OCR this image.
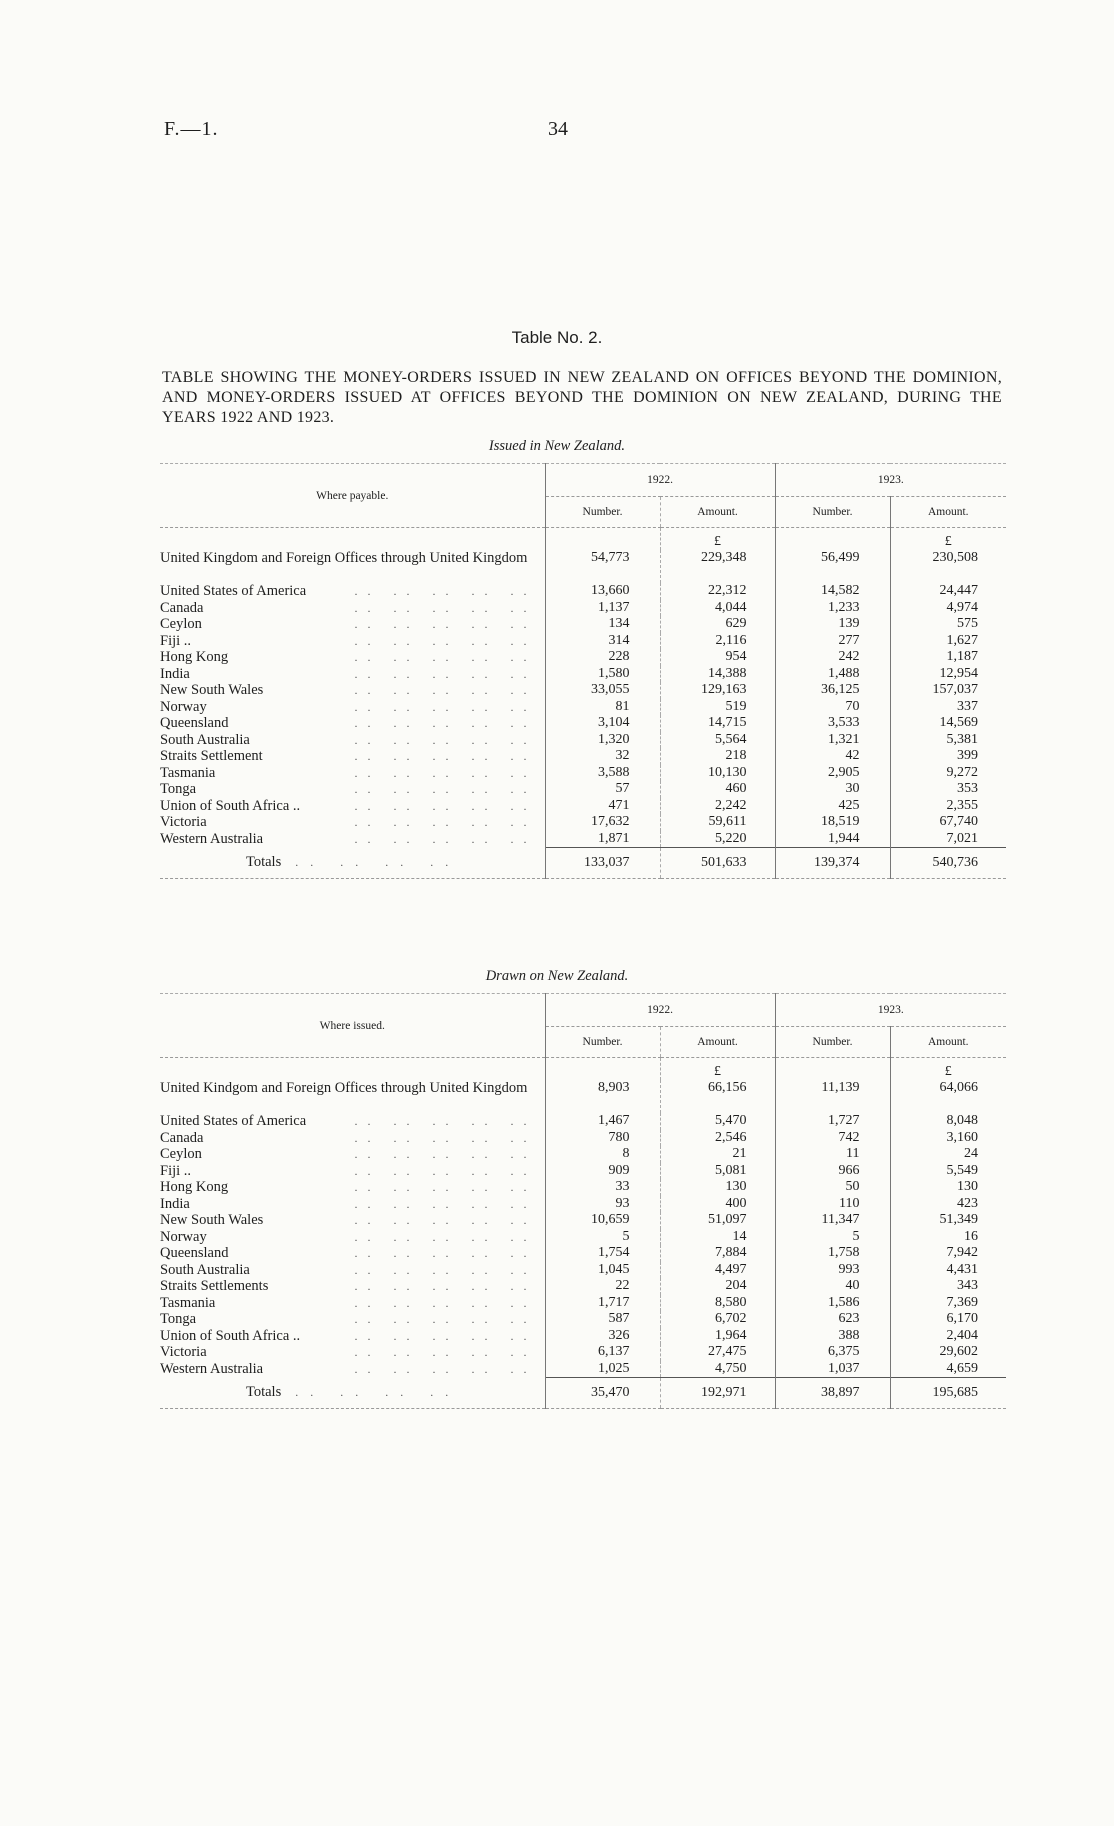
F.—1.	34
Table No. 2.
TABLE SHOWING THE MONEY-ORDERS ISSUED IN NEW ZEALAND ON OFFICES BEYOND THE DOMINION, AND MONEY-ORDERS ISSUED AT OFFICES BEYOND THE DOMINION ON NEW ZEALAND, DURING THE YEARS 1922 AND 1923.
Issued in New Zealand.
Where payable.	1922.		1923.	
	Number.	Amount.	Number.	Amount.
		£		£
United Kingdom and Foreign Offices through United Kingdom	54,773	229,348	56,499	230,508
United States of America .. .. .. .. ..	13,660	22,312	14,582	24,447
Canada .. .. .. .. ..	1,137	4,044	1,233	4,974
Ceylon .. .. .. .. ..	134	629	139	575
Fiji .. .. .. .. .. ..	314	2,116	277	1,627
Hong Kong .. .. .. .. ..	228	954	242	1,187
India .. .. .. .. ..	1,580	14,388	1,488	12,954
New South Wales .. .. .. .. ..	33,055	129,163	36,125	157,037
Norway .. .. .. .. ..	81	519	70	337
Queensland .. .. .. .. ..	3,104	14,715	3,533	14,569
South Australia .. .. .. .. ..	1,320	5,564	1,321	5,381
Straits Settlement .. .. .. .. ..	32	218	42	399
Tasmania .. .. .. .. ..	3,588	10,130	2,905	9,272
Tonga .. .. .. .. ..	57	460	30	353
Union of South Africa .. .. .. .. .. ..	471	2,242	425	2,355
Victoria .. .. .. .. ..	17,632	59,611	18,519	67,740
Western Australia .. .. .. .. ..	1,871	5,220	1,944	7,021
Totals .. .. .. ..	133,037	501,633	139,374	540,736
Drawn on New Zealand.
Where issued.	1922.		1923.	
	Number.	Amount.	Number.	Amount.
		£		£
United Kindgom and Foreign Offices through United Kingdom	8,903	66,156	11,139	64,066
United States of America .. .. .. .. ..	1,467	5,470	1,727	8,048
Canada .. .. .. .. ..	780	2,546	742	3,160
Ceylon .. .. .. .. ..	8	21	11	24
Fiji .. .. .. .. .. ..	909	5,081	966	5,549
Hong Kong .. .. .. .. ..	33	130	50	130
India .. .. .. .. ..	93	400	110	423
New South Wales .. .. .. .. ..	10,659	51,097	11,347	51,349
Norway .. .. .. .. ..	5	14	5	16
Queensland .. .. .. .. ..	1,754	7,884	1,758	7,942
South Australia .. .. .. .. ..	1,045	4,497	993	4,431
Straits Settlements .. .. .. .. ..	22	204	40	343
Tasmania .. .. .. .. ..	1,717	8,580	1,586	7,369
Tonga .. .. .. .. ..	587	6,702	623	6,170
Union of South Africa .. .. .. .. .. ..	326	1,964	388	2,404
Victoria .. .. .. .. ..	6,137	27,475	6,375	29,602
Western Australia .. .. .. .. ..	1,025	4,750	1,037	4,659
Totals .. .. .. ..	35,470	192,971	38,897	195,685
